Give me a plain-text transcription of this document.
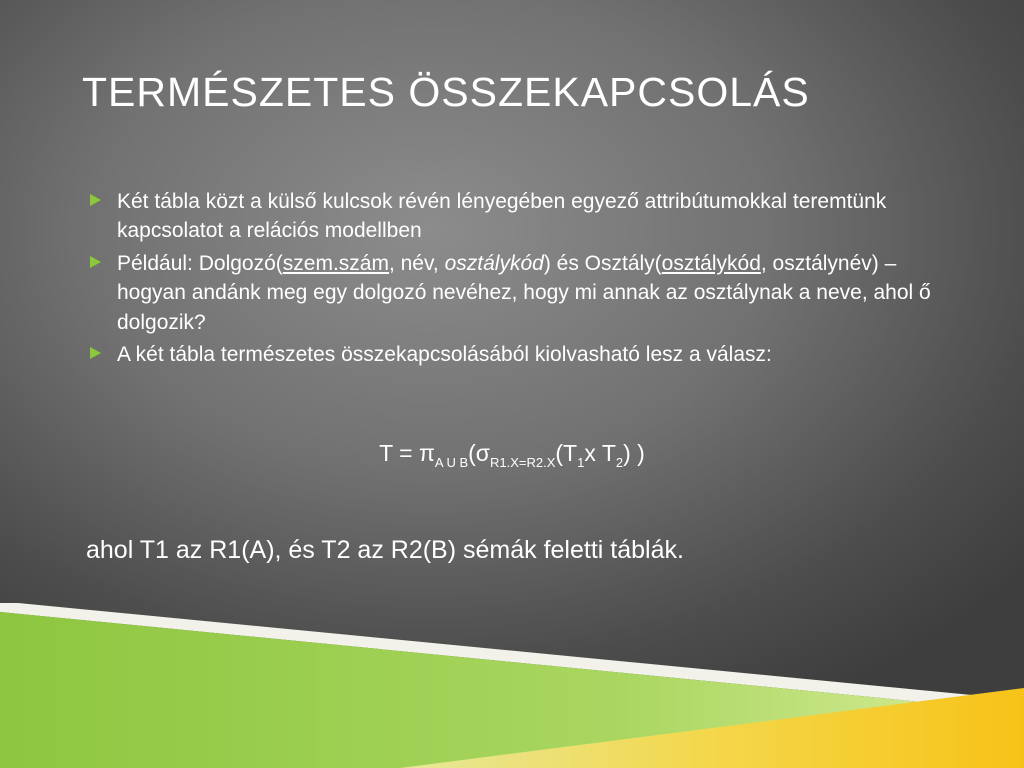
TERMÉSZETES ÖSSZEKAPCSOLÁS
Két tábla közt a külső kulcsok révén lényegében egyező attribútumokkal teremtünk kapcsolatot a relációs modellben
Például: Dolgozó(szem.szám, név, osztálykód) és Osztály(osztálykód, osztálynév) – hogyan andánk meg egy dolgozó nevéhez, hogy mi annak az osztálynak a neve, ahol ő dolgozik?
A két tábla természetes összekapcsolásából kiolvasható lesz a válasz:
$T = \pi_{A U B}(\sigma_{R1.X=R2.X}(T_1x$ $T_2$) )
ahol T1 az R1(A), és T2 az R2(B) sémák feletti táblák.
